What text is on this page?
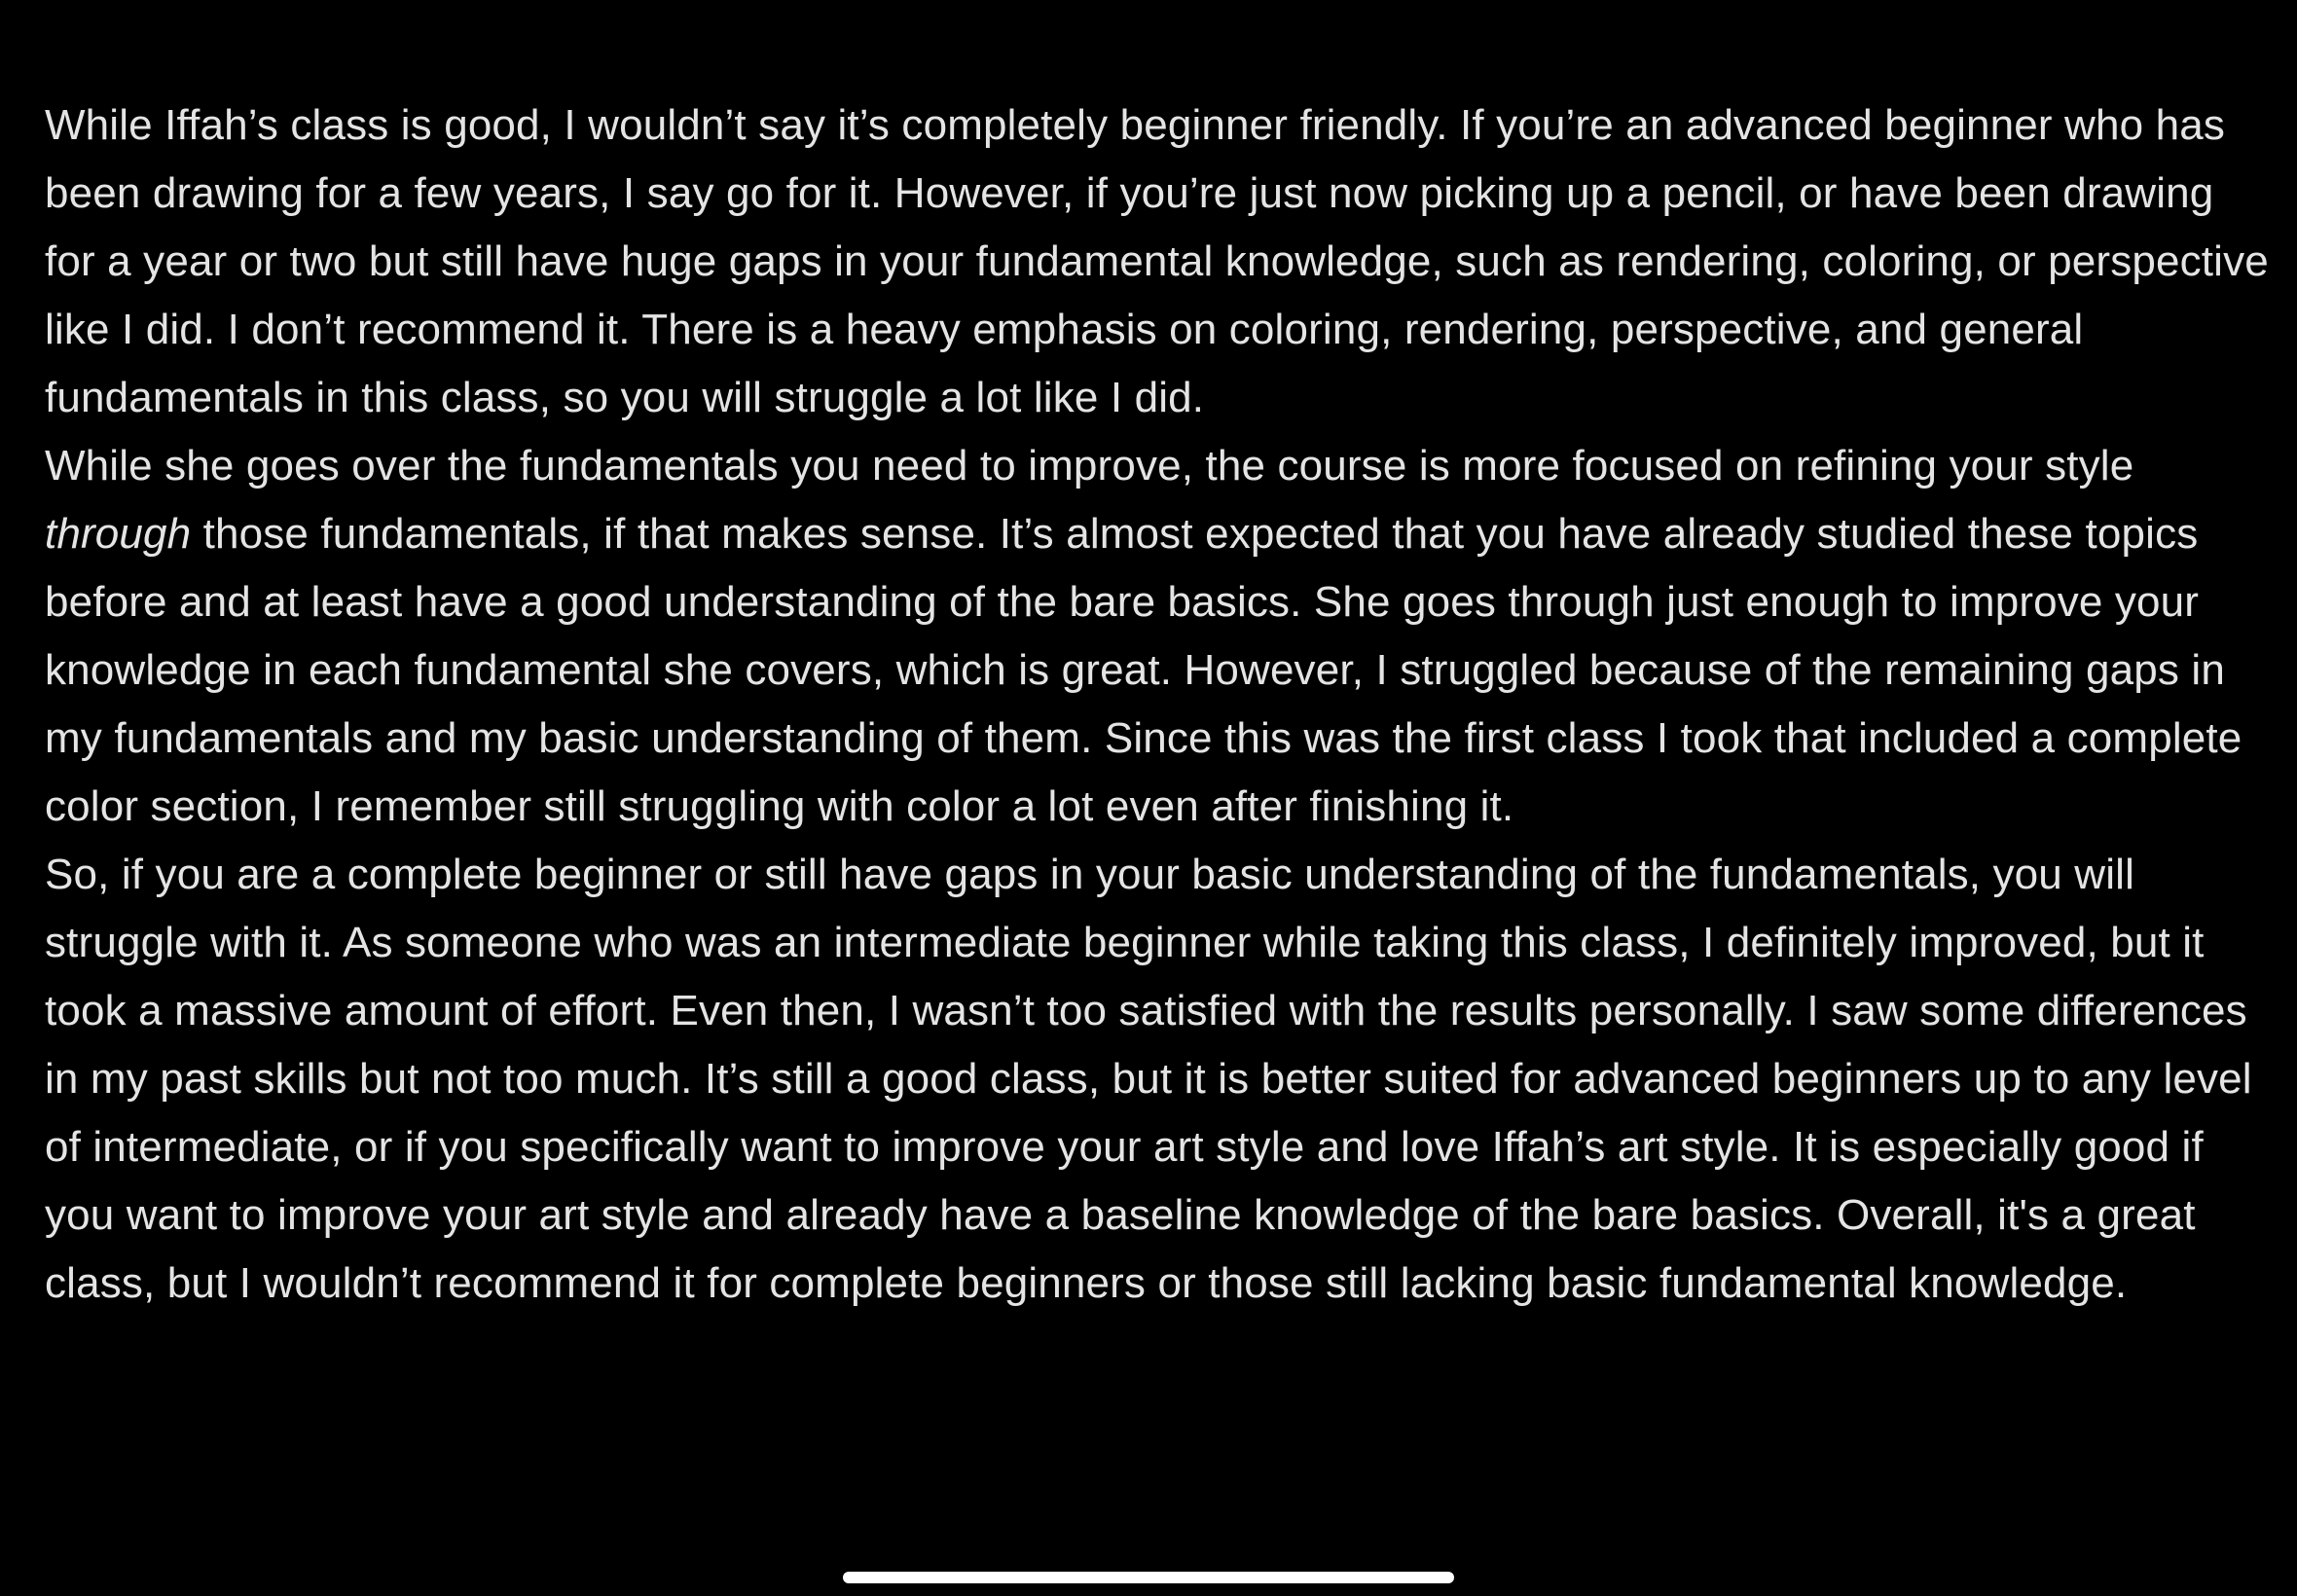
While Iffah’s class is good, I wouldn’t say it’s completely beginner friendly. If you’re an advanced beginner who has been drawing for a few years, I say go for it. However, if you’re just now picking up a pencil, or have been drawing for a year or two but still have huge gaps in your fundamental knowledge, such as rendering, coloring, or perspective like I did. I don’t recommend it. There is a heavy emphasis on coloring, rendering, perspective, and general fundamentals in this class, so you will struggle a lot like I did.

While she goes over the fundamentals you need to improve, the course is more focused on refining your style through those fundamentals, if that makes sense. It’s almost expected that you have already studied these topics before and at least have a good understanding of the bare basics. She goes through just enough to improve your knowledge in each fundamental she covers, which is great. However, I struggled because of the remaining gaps in my fundamentals and my basic understanding of them. Since this was the first class I took that included a complete color section, I remember still struggling with color a lot even after finishing it.

So, if you are a complete beginner or still have gaps in your basic understanding of the fundamentals, you will struggle with it. As someone who was an intermediate beginner while taking this class, I definitely improved, but it took a massive amount of effort. Even then, I wasn’t too satisfied with the results personally. I saw some differences in my past skills but not too much. It’s still a good class, but it is better suited for advanced beginners up to any level of intermediate, or if you specifically want to improve your art style and love Iffah’s art style. It is especially good if you want to improve your art style and already have a baseline knowledge of the bare basics. Overall, it's a great class, but I wouldn’t recommend it for complete beginners or those still lacking basic fundamental knowledge.
